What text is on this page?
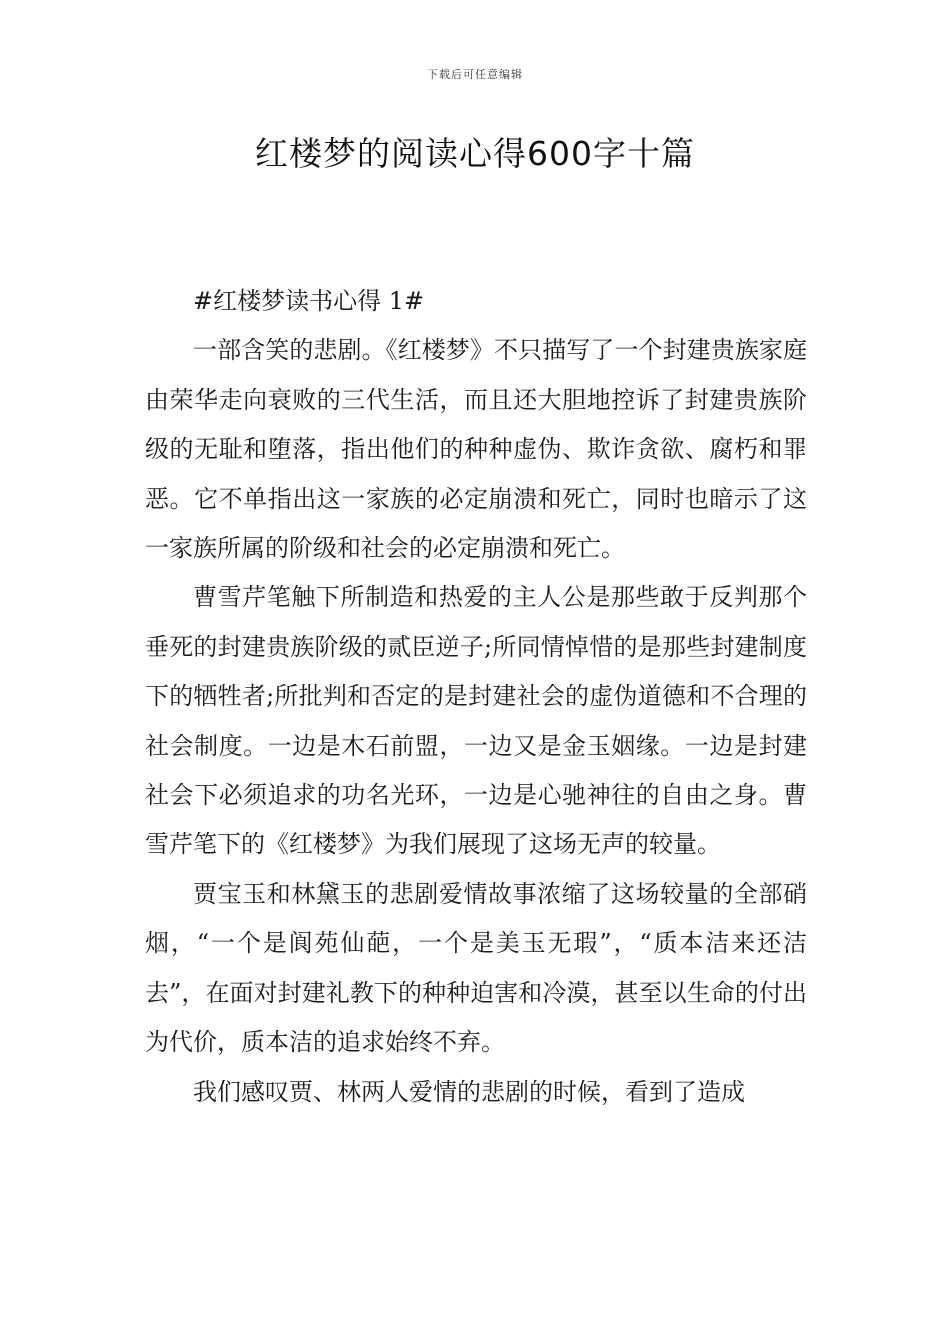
下载后可任意编辑
红楼梦的阅读心得600字十篇

#红楼梦读书心得 1#

一部含笑的悲剧。《红楼梦》不只描写了一个封建贵族家庭由荣华走向衰败的三代生活，而且还大胆地控诉了封建贵族阶级的无耻和堕落，指出他们的种种虚伪、欺诈贪欲、腐朽和罪恶。它不单指出这一家族的必定崩溃和死亡，同时也暗示了这一家族所属的阶级和社会的必定崩溃和死亡。

曹雪芹笔触下所制造和热爱的主人公是那些敢于反判那个垂死的封建贵族阶级的贰臣逆子;所同情悼惜的是那些封建制度下的牺牲者;所批判和否定的是封建社会的虚伪道德和不合理的社会制度。一边是木石前盟，一边又是金玉姻缘。一边是封建社会下必须追求的功名光环，一边是心驰神往的自由之身。曹雪芹笔下的《红楼梦》为我们展现了这场无声的较量。

贾宝玉和林黛玉的悲剧爱情故事浓缩了这场较量的全部硝烟，“一个是阆苑仙葩，一个是美玉无瑕”，“质本洁来还洁去”，在面对封建礼教下的种种迫害和冷漠，甚至以生命的付出为代价，质本洁的追求始终不弃。

我们感叹贾、林两人爱情的悲剧的时候，看到了造成
